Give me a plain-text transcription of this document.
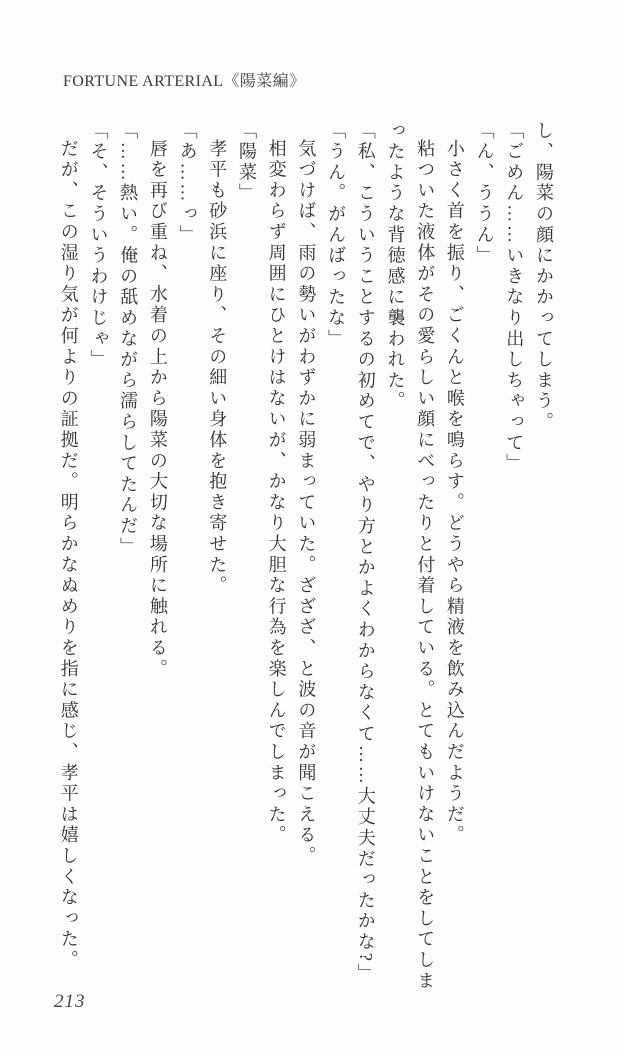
FORTUNE ARTERIAL《陽菜編》

し、陽菜の顔にかかってしまう。

「ごめん……いきなり出しちゃって」

「ん、ううん」

小さく首を振り、ごくんと喉を鳴らす。どうやら精液を飲み込んだようだ。

粘ついた液体がその愛らしい顔にべったりと付着している。とてもいけないことをしてしま

ったような背徳感に襲われた。

「私、こういうことするの初めてで、やり方とかよくわからなくて……大丈夫だったかな?」

「うん。がんばったな」

気づけば、雨の勢いがわずかに弱まっていた。ざざざ、と波の音が聞こえる。

相変わらず周囲にひとけはないが、かなり大胆な行為を楽しんでしまった。

「陽菜」

孝平も砂浜に座り、その細い身体を抱き寄せた。

「あ……っ」

唇を再び重ね、水着の上から陽菜の大切な場所に触れる。

「……熱い。俺の舐めながら濡らしてたんだ」

「そ、そういうわけじゃ」

だが、この湿り気が何よりの証拠だ。明らかなぬめりを指に感じ、孝平は嬉しくなった。

213
